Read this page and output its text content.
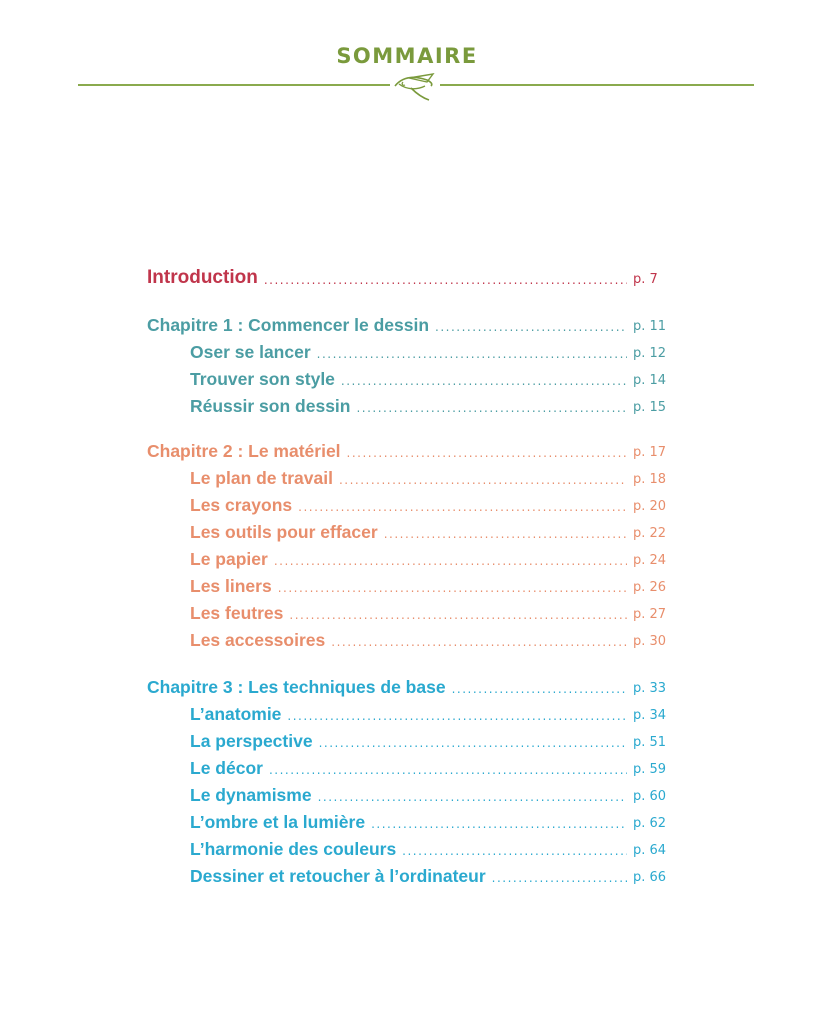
SOMMAIRE
Introduction .....	p. 7
Chapitre 1 : Commencer le dessin .....	p. 11
Oser se lancer .....	p. 12
Trouver son style .....	p. 14
Réussir son dessin .....	p. 15
Chapitre 2 : Le matériel .....	p. 17
Le plan de travail .....	p. 18
Les crayons .....	p. 20
Les outils pour effacer .....	p. 22
Le papier .....	p. 24
Les liners .....	p. 26
Les feutres .....	p. 27
Les accessoires .....	p. 30
Chapitre 3 : Les techniques de base .....	p. 33
L’anatomie .....	p. 34
La perspective .....	p. 51
Le décor .....	p. 59
Le dynamisme .....	p. 60
L’ombre et la lumière .....	p. 62
L’harmonie des couleurs .....	p. 64
Dessiner et retoucher à l’ordinateur .....	p. 66
